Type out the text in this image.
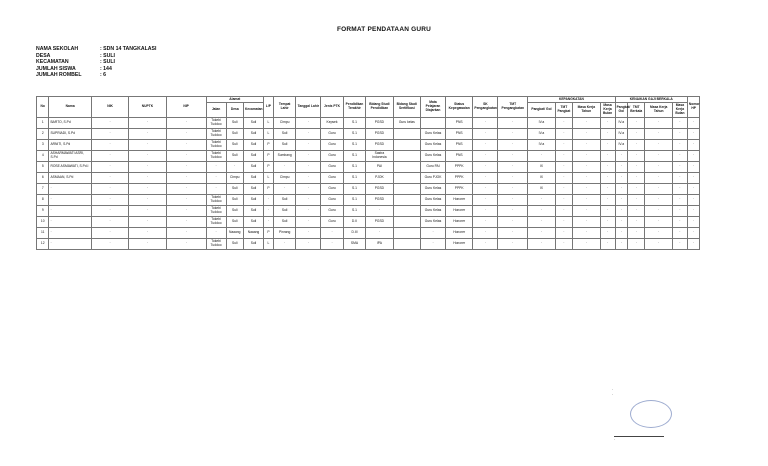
FORMAT PENDATAAN GURU
NAMA SEKOLAH	: SDN 14 TANGKALASI
DESA	: SULI
KECAMATAN	: SULI
JUMLAH SISWA	: 144
JUMLAH ROMBEL	: 6
No	Nama	NIK	NUPTK	NIP	Alamat			L/P	Tempat Lahir	Tanggal Lahir	Jenis PTK	Pendidikan Terakhir	Bidang Studi Pendidikan	Bidang Studi Sertifikasi	Mata Pelajaran Diajarkan	Status Kepegawaian	SK Pengangkatan	TMT Pengangkatan	KEPANGKATAN				KENAIKAN GAJI BERKALA				Nomor HP
					Jalan	Desa	Kecamatan												Pangkat/ Gol	TMT Pangkat	Masa Kerja Tahun	Masa Kerja Bulan	Pangkat/ Gol	TMT Berkala	Masa Kerja Tahun	Masa Kerja Bulan	
1	BARTO, S.Pd	·	·	·	Tokebi Tuddoo	Suli	Suli	L	Cimpu	·	Kepsek	S.1	PGSD	Guru kelas		PNS	·	·	IV.a	·	·	·	IV.a	·	·	·	·
2	SUPRIADI, S.Pd	·	·	·	Tokebi Tuddoo	Suli	Suli	L	Suli	·	Guru	S.1	PGSD		Guru Kelas	PNS	·	·	IV.a	·	·	·	IV.a	·	·	·	·
3	ARNITI, S.Pd	·	·	·	Tokebi Tuddoo	Suli	Suli	P	Suli	·	Guru	S.1	PGSD		Guru Kelas	PNS	·	·	IV.a	·	·	·	IV.a	·	·	·	·
4	ASHARMAWATI ASRI, S.Pd	·	·	·	Tokebi Tuddoo	Suli	Suli	P	Sumbang	·	Guru	S.1	Sastra Indonesia		Guru Kelas	PNS	·	·	·	·	·	·	·	·	·	·	·
5	ROSE ASMAWATI, S.Pd.I	·	·	·	·	·	Suli	P	·	·	Guru	S.1	PAI		Guru PAI	PPPK	·	·	IX	·	·	·	·	·	·	·	·
6	ASMAAN, S.Pd	·	·	·	·	Cimpu	Suli	L	Cimpu	·	Guru	S.1	PJOK		Guru PJOK	PPPK	·	·	IX	·	·	·	·	·	·	·	·
7	·	·	·	·	·	Suli	Suli	P	·	·	Guru	S.1	PGSD		Guru Kelas	PPPK	·	·	IX	·	·	·	·	·	·	·	·
8	·	·	·	·	Tokebi Tuddoo	Suli	Suli	·	Suli	·	Guru	S.1	PGSD		Guru Kelas	Honorer	·	·	·	·	·	·	·	·	·	·	·
9	·	·	·	·	Tokebi Tuddoo	Suli	Suli	·	Suli	·	Guru	S.1	·		Guru Kelas	Honorer	·	·	·	·	·	·	·	·	·	·	·
10	·	·	·	·	Tokebi Tuddoo	Suli	Suli	·	Suli	·	Guru	D.II	PGSD		Guru Kelas	Honorer	·	·	·	·	·	·	·	·	·	·	·
11	·	·	·	·	·	Naaang	Naaang	P	Pinrang	·	·	D.III	·		·	Honorer	·	·	·	·	·	·	·	·	·	·	·
12	·	·	·	·	Tokebi Tuddoo	Suli	Suli	L	·	·	·	SMA	IPA		·	Honorer	·	·	·	·	·	·	·	·	·	·	·
·
·
·
